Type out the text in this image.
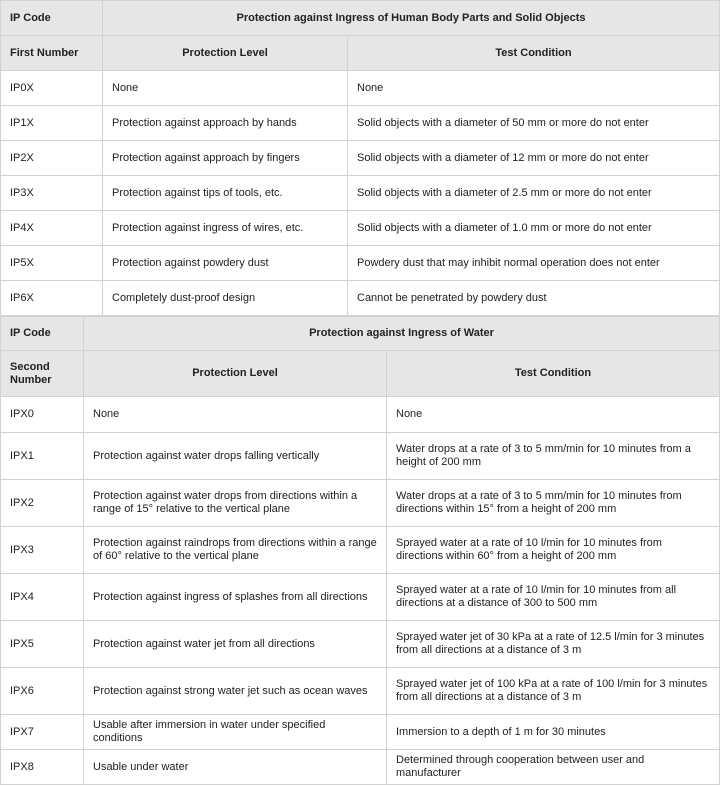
IP Code	Protection against Ingress of Human Body Parts and Solid Objects	
First Number	Protection Level	Test Condition
IP0X	None	None
IP1X	Protection against approach by hands	Solid objects with a diameter of 50 mm or more do not enter
IP2X	Protection against approach by fingers	Solid objects with a diameter of 12 mm or more do not enter
IP3X	Protection against tips of tools, etc.	Solid objects with a diameter of 2.5 mm or more do not enter
IP4X	Protection against ingress of wires, etc.	Solid objects with a diameter of 1.0 mm or more do not enter
IP5X	Protection against powdery dust	Powdery dust that may inhibit normal operation does not enter
IP6X	Completely dust-proof design	Cannot be penetrated by powdery dust
IP Code	Protection against Ingress of Water	
Second Number	Protection Level	Test Condition
IPX0	None	None
IPX1	Protection against water drops falling vertically	Water drops at a rate of 3 to 5 mm/min for 10 minutes from a height of 200 mm
IPX2	Protection against water drops from directions within a range of 15° relative to the vertical plane	Water drops at a rate of 3 to 5 mm/min for 10 minutes from directions within 15° from a height of 200 mm
IPX3	Protection against raindrops from directions within a range of 60° relative to the vertical plane	Sprayed water at a rate of 10 l/min for 10 minutes from directions within 60° from a height of 200 mm
IPX4	Protection against ingress of splashes from all directions	Sprayed water at a rate of 10 l/min for 10 minutes from all directions at a distance of 300 to 500 mm
IPX5	Protection against water jet from all directions	Sprayed water jet of 30 kPa at a rate of 12.5 l/min for 3 minutes from all directions at a distance of 3 m
IPX6	Protection against strong water jet such as ocean waves	Sprayed water jet of 100 kPa at a rate of 100 l/min for 3 minutes from all directions at a distance of 3 m
IPX7	Usable after immersion in water under specified conditions	Immersion to a depth of 1 m for 30 minutes
IPX8	Usable under water	Determined through cooperation between user and manufacturer
